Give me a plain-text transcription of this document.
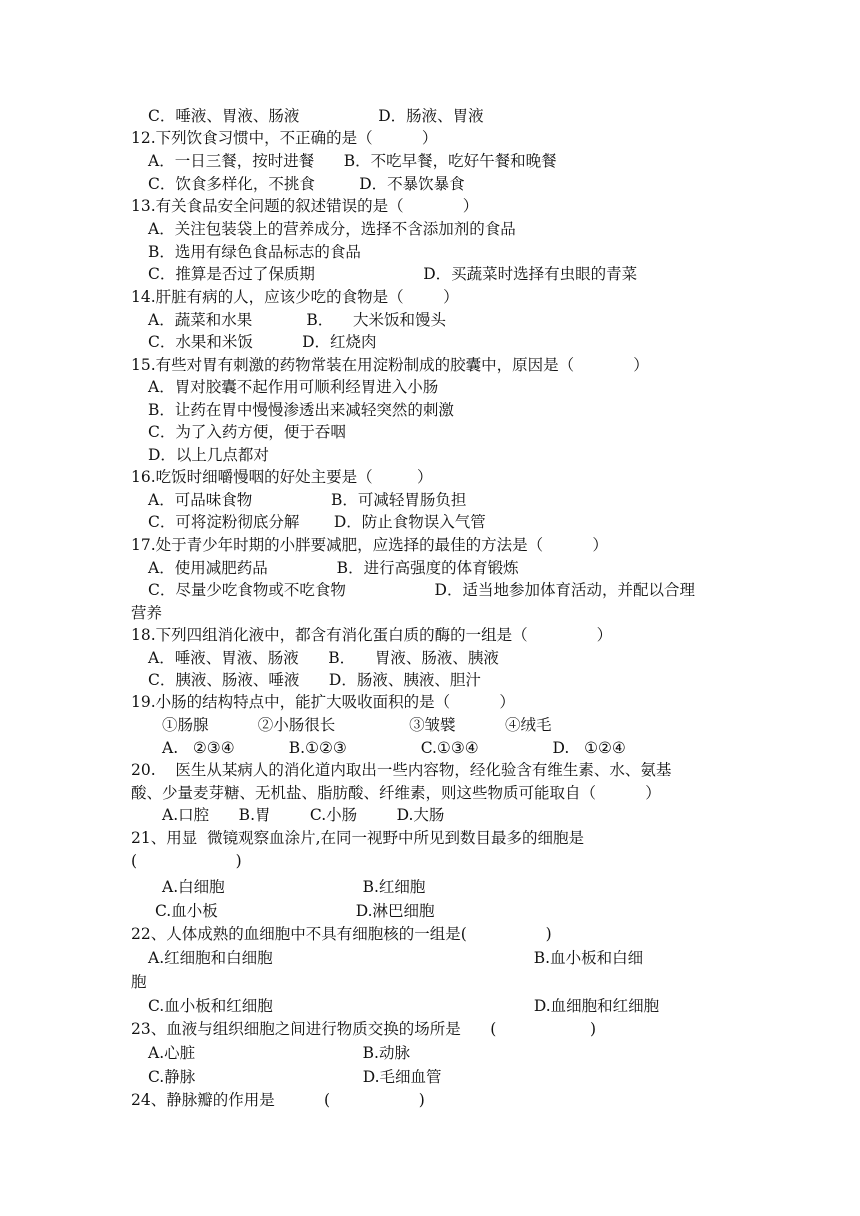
C．唾液、胃液、肠液                D．肠液、胃液
12.下列饮食习惯中，不正确的是（          ）
A．一日三餐，按时进餐      B．不吃早餐，吃好午餐和晚餐
C．饮食多样化，不挑食         D．不暴饮暴食
13.有关食品安全问题的叙述错误的是（            ）
A．关注包装袋上的营养成分，选择不含添加剂的食品
B．选用有绿色食品标志的食品
C．推算是否过了保质期                      D．买蔬菜时选择有虫眼的青菜
14.肝脏有病的人，应该少吃的食物是（        ）
A．蔬菜和水果           B．    大米饭和馒头
C．水果和米饭          D．红烧肉
15.有些对胃有刺激的药物常装在用淀粉制成的胶囊中，原因是（            ）
A．胃对胶囊不起作用可顺利经胃进入小肠
B．让药在胃中慢慢渗透出来减轻突然的刺激
C．为了入药方便，便于吞咽
D．以上几点都对
16.吃饭时细嚼慢咽的好处主要是（         ）
A．可品味食物                B．可减轻胃肠负担
C．可将淀粉彻底分解       D．防止食物误入气管
17.处于青少年时期的小胖要减肥，应选择的最佳的方法是（          ）
A．使用减肥药品              B．进行高强度的体育锻炼
C．尽量少吃食物或不吃食物                  D．适当地参加体育活动，并配以合理
营养
18.下列四组消化液中，都含有消化蛋白质的酶的一组是（              ）
A．唾液、胃液、肠液      B．    胃液、肠液、胰液
C．胰液、肠液、唾液      D．肠液、胰液、胆汁
19.小肠的结构特点中，能扩大吸收面积的是（          ）
①肠腺          ②小肠很长               ③皱襞          ④绒毛
A.   ②③④           B.①②③               C.①③④               D.   ①②④
20.    医生从某病人的消化道内取出一些内容物，经化验含有维生素、水、氨基
酸、少量麦芽糖、无机盐、脂肪酸、纤维素，则这些物质可能取自（          ）
A.口腔      B.胃        C.小肠        D.大肠
21、用显  微镜观察血涂片,在同一视野中所见到数目最多的细胞是
(                    )
A.白细胞                            B.红细胞
C.血小板                            D.淋巴细胞
22、人体成熟的血细胞中不具有细胞核的一组是(                )
A.红细胞和白细胞                                                     B.血小板和白细
胞
C.血小板和红细胞                                                     D.血细胞和红细胞
23、血液与组织细胞之间进行物质交换的场所是      (                   )
A.心脏                                  B.动脉
C.静脉                                  D.毛细血管
24、静脉瓣的作用是          (                  )
